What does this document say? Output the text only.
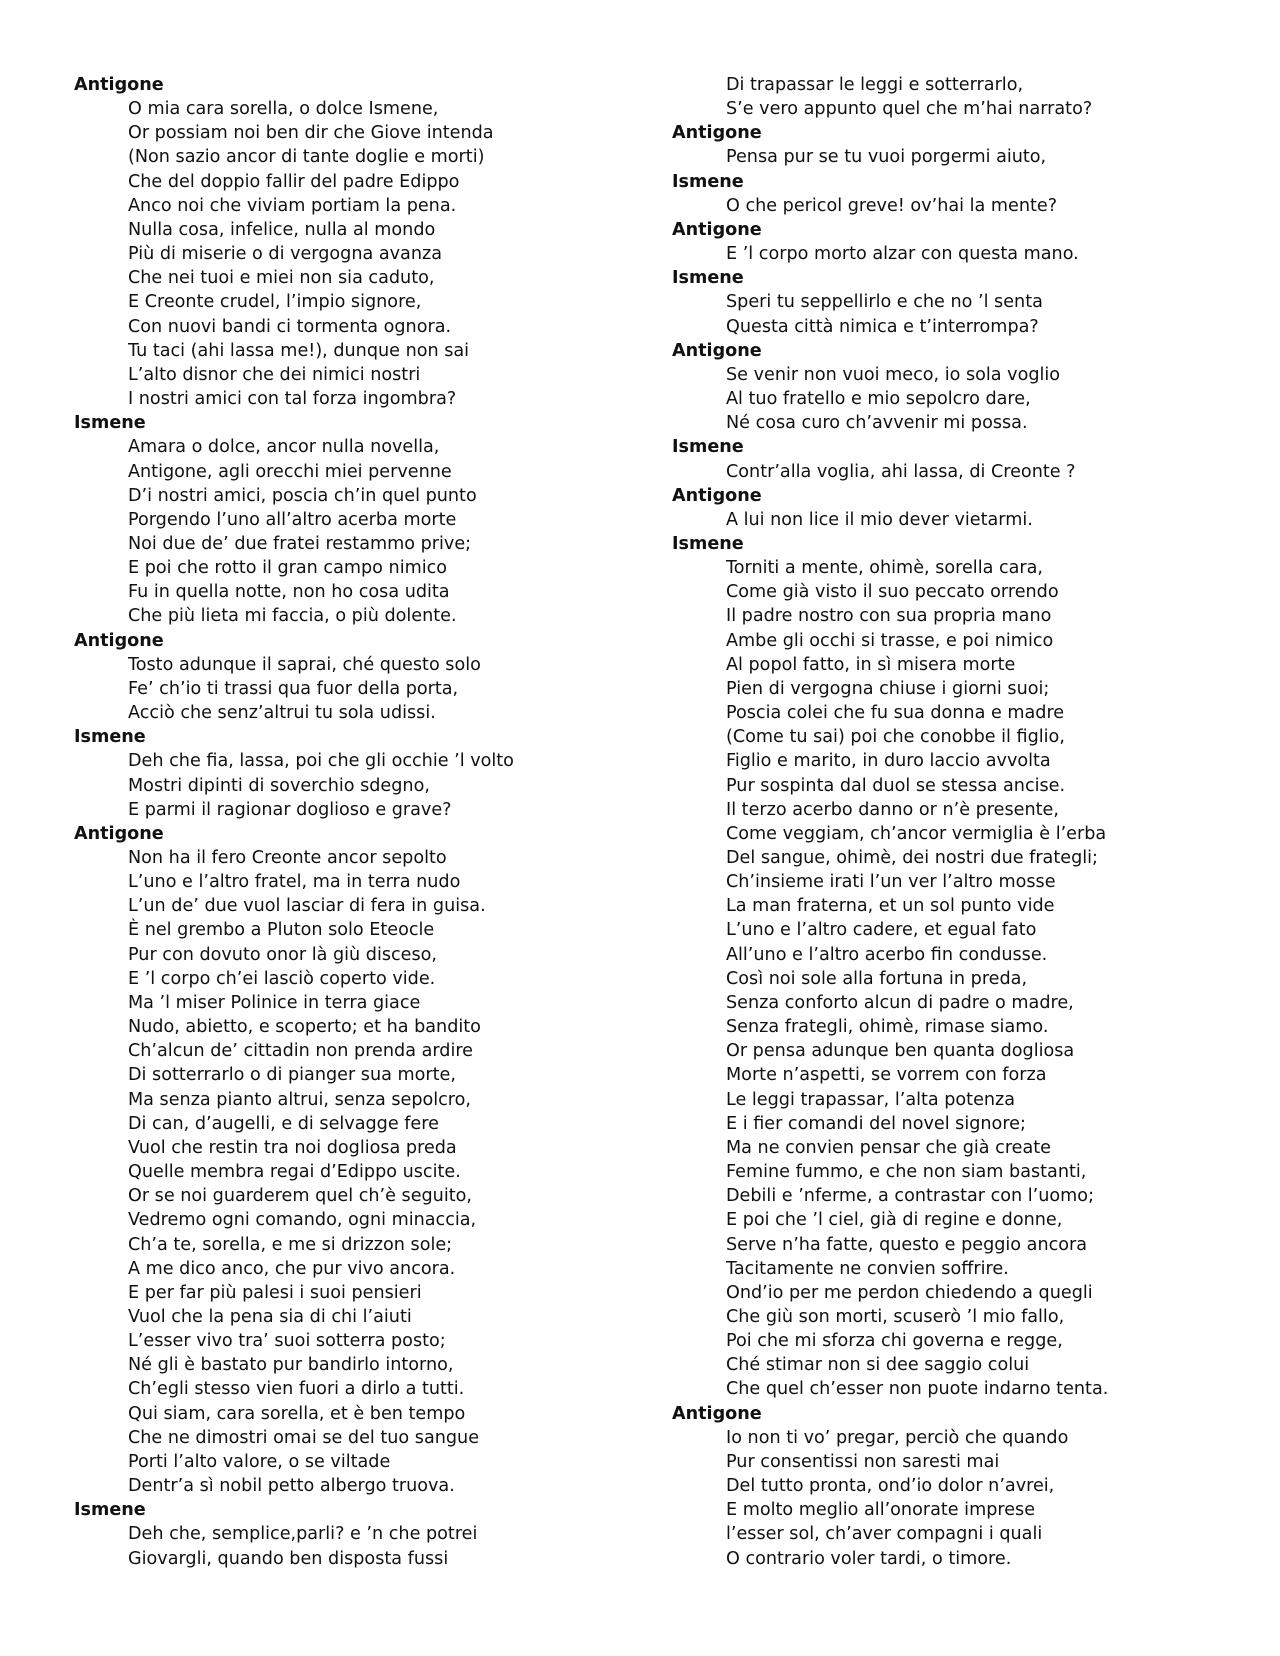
Antigone
O mia cara sorella, o dolce Ismene,
Or possiam noi ben dir che Giove intenda
(Non sazio ancor di tante doglie e morti)
Che del doppio fallir del padre Edippo
Anco noi che viviam portiam la pena.
Nulla cosa, infelice, nulla al mondo
Più di miserie o di vergogna avanza
Che nei tuoi e miei non sia caduto,
E Creonte crudel, l’impio signore,
Con nuovi bandi ci tormenta ognora.
Tu taci (ahi lassa me!), dunque non sai
L’alto disnor che dei nimici nostri
I nostri amici con tal forza ingombra?
Ismene
Amara o dolce, ancor nulla novella,
Antigone, agli orecchi miei pervenne
D’i nostri amici, poscia ch’in quel punto
Porgendo l’uno all’altro acerba morte
Noi due de’ due fratei restammo prive;
E poi che rotto il gran campo nimico
Fu in quella notte, non ho cosa udita
Che più lieta mi faccia, o più dolente.
Antigone
Tosto adunque il saprai, ché questo solo
Fe’ ch’io ti trassi qua fuor della porta,
Acciò che senz’altrui tu sola udissi.
Ismene
Deh che fia, lassa, poi che gli occhie ’l volto
Mostri dipinti di soverchio sdegno,
E parmi il ragionar doglioso e grave?
Antigone
Non ha il fero Creonte ancor sepolto
L’uno e l’altro fratel, ma in terra nudo
L’un de’ due vuol lasciar di fera in guisa.
È nel grembo a Pluton solo Eteocle
Pur con dovuto onor là giù disceso,
E ’l corpo ch’ei lasciò coperto vide.
Ma ’l miser Polinice in terra giace
Nudo, abietto, e scoperto; et ha bandito
Ch’alcun de’ cittadin non prenda ardire
Di sotterrarlo o di pianger sua morte,
Ma senza pianto altrui, senza sepolcro,
Di can, d’augelli, e di selvagge fere
Vuol che restin tra noi dogliosa preda
Quelle membra regai d’Edippo uscite.
Or se noi guarderem quel ch’è seguito,
Vedremo ogni comando, ogni minaccia,
Ch’a te, sorella, e me si drizzon sole;
A me dico anco, che pur vivo ancora.
E per far più palesi i suoi pensieri
Vuol che la pena sia di chi l’aiuti
L’esser vivo tra’ suoi sotterra posto;
Né gli è bastato pur bandirlo intorno,
Ch’egli stesso vien fuori a dirlo a tutti.
Qui siam, cara sorella, et è ben tempo
Che ne dimostri omai se del tuo sangue
Porti l’alto valore, o se viltade
Dentr’a sì nobil petto albergo truova.
Ismene
Deh che, semplice,parli? e ’n che potrei
Giovargli, quando ben disposta fussi
Di trapassar le leggi e sotterrarlo,
S’e vero appunto quel che m’hai narrato?
Antigone
Pensa pur se tu vuoi porgermi aiuto,
Ismene
O che pericol greve! ov’hai la mente?
Antigone
E ’l corpo morto alzar con questa mano.
Ismene
Speri tu seppellirlo e che no ’l senta
Questa città nimica e t’interrompa?
Antigone
Se venir non vuoi meco, io sola voglio
Al tuo fratello e mio sepolcro dare,
Né cosa curo ch’avvenir mi possa.
Ismene
Contr’alla voglia, ahi lassa, di Creonte ?
Antigone
A lui non lice il mio dever vietarmi.
Ismene
Torniti a mente, ohimè, sorella cara,
Come già visto il suo peccato orrendo
Il padre nostro con sua propria mano
Ambe gli occhi si trasse, e poi nimico
Al popol fatto, in sì misera morte
Pien di vergogna chiuse i giorni suoi;
Poscia colei che fu sua donna e madre
(Come tu sai) poi che conobbe il figlio,
Figlio e marito, in duro laccio avvolta
Pur sospinta dal duol se stessa ancise.
Il terzo acerbo danno or n’è presente,
Come veggiam, ch’ancor vermiglia è l’erba
Del sangue, ohimè, dei nostri due frategli;
Ch’insieme irati l’un ver l’altro mosse
La man fraterna, et un sol punto vide
L’uno e l’altro cadere, et egual fato
All’uno e l’altro acerbo fin condusse.
Così noi sole alla fortuna in preda,
Senza conforto alcun di padre o madre,
Senza frategli, ohimè, rimase siamo.
Or pensa adunque ben quanta dogliosa
Morte n’aspetti, se vorrem con forza
Le leggi trapassar, l’alta potenza
E i fier comandi del novel signore;
Ma ne convien pensar che già create
Femine fummo, e che non siam bastanti,
Debili e ’nferme, a contrastar con l’uomo;
E poi che ’l ciel, già di regine e donne,
Serve n’ha fatte, questo e peggio ancora
Tacitamente ne convien soffrire.
Ond’io per me perdon chiedendo a quegli
Che giù son morti, scuserò ’l mio fallo,
Poi che mi sforza chi governa e regge,
Ché stimar non si dee saggio colui
Che quel ch’esser non puote indarno tenta.
Antigone
Io non ti vo’ pregar, perciò che quando
Pur consentissi non saresti mai
Del tutto pronta, ond’io dolor n’avrei,
E molto meglio all’onorate imprese
l’esser sol, ch’aver compagni i quali
O contrario voler tardi, o timore.
